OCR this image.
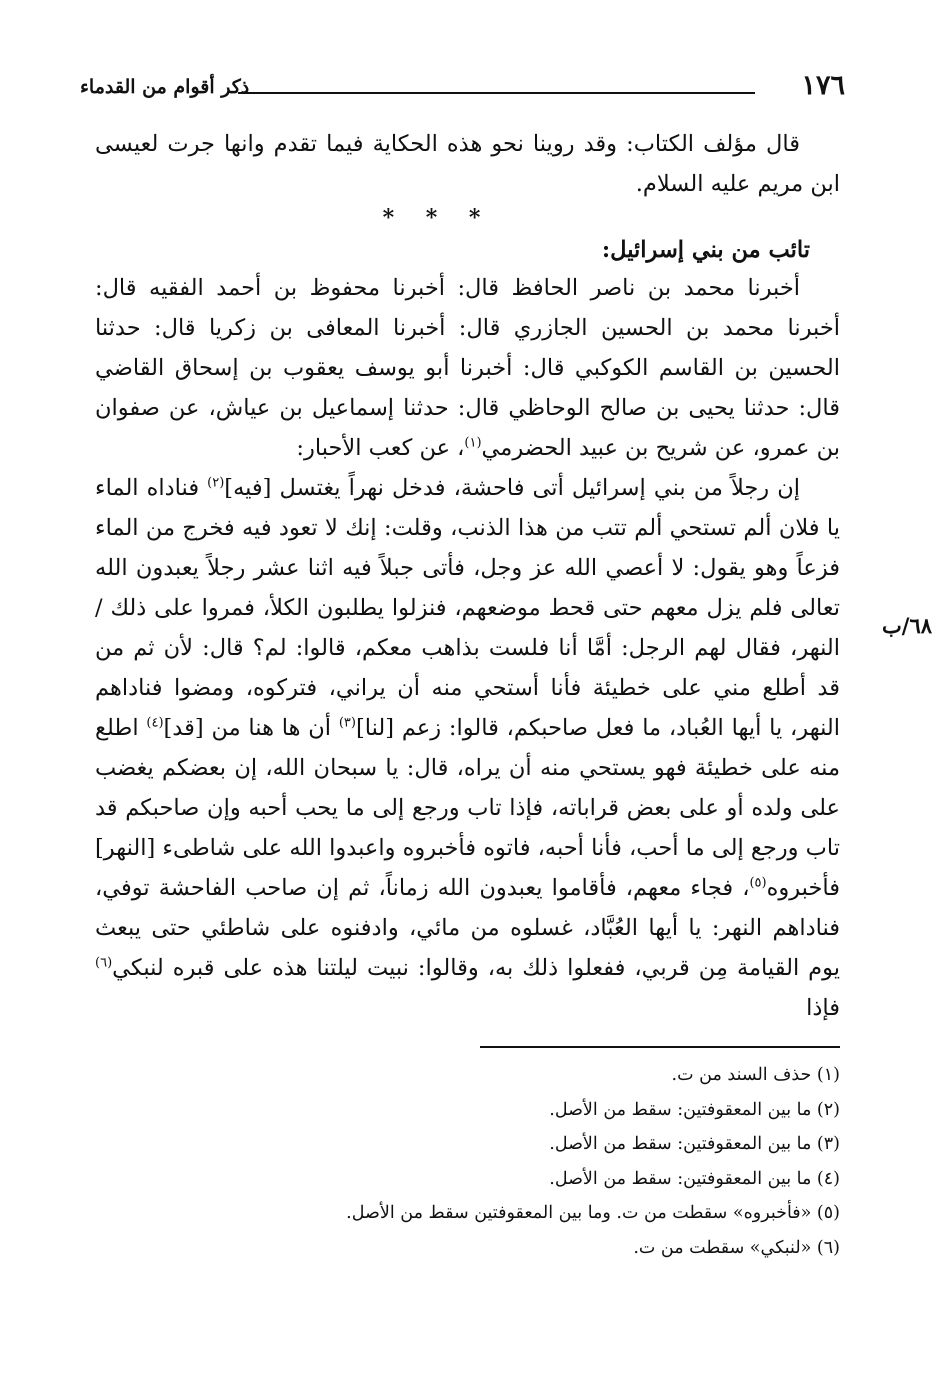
١٧٦
ذكر أقوام من القدماء

قال مؤلف الكتاب: وقد روينا نحو هذه الحكاية فيما تقدم وانها جرت لعيسى ابن مريم عليه السلام.

* * *

تائب من بني إسرائيل:

أخبرنا محمد بن ناصر الحافظ قال: أخبرنا محفوظ بن أحمد الفقيه قال: أخبرنا محمد بن الحسين الجازري قال: أخبرنا المعافى بن زكريا قال: حدثنا الحسين بن القاسم الكوكبي قال: أخبرنا أبو يوسف يعقوب بن إسحاق القاضي قال: حدثنا يحيى بن صالح الوحاظي قال: حدثنا إسماعيل بن عياش، عن صفوان بن عمرو، عن شريح بن عبيد الحضرمي$^{(١)}$، عن كعب الأحبار:

إن رجلاً من بني إسرائيل أتى فاحشة، فدخل نهراً يغتسل [فيه]$^{(٢)}$ فناداه الماء يا فلان ألم تستحي ألم تتب من هذا الذنب، وقلت: إنك لا تعود فيه فخرج من الماء فزعاً وهو يقول: لا أعصي الله عز وجل، فأتى جبلاً فيه اثنا عشر رجلاً يعبدون الله تعالى فلم يزل معهم حتى قحط موضعهم، فنزلوا يطلبون الكلأ، فمروا على ذلك / النهر، فقال لهم الرجل: أمَّا أنا فلست بذاهب معكم، قالوا: لم؟ قال: لأن ثم من قد أطلع مني على خطيئة فأنا أستحي منه أن يراني، فتركوه، ومضوا فناداهم النهر، يا أيها العُباد، ما فعل صاحبكم، قالوا: زعم [لنا]$^{(٣)}$ أن ها هنا من [قد]$^{(٤)}$ اطلع منه على خطيئة فهو يستحي منه أن يراه، قال: يا سبحان الله، إن بعضكم يغضب على ولده أو على بعض قراباته، فإذا تاب ورجع إلى ما يحب أحبه وإن صاحبكم قد تاب ورجع إلى ما أحب، فأنا أحبه، فاتوه فأخبروه واعبدوا الله على شاطىء [النهر] فأخبروه$^{(٥)}$، فجاء معهم، فأقاموا يعبدون الله زماناً، ثم إن صاحب الفاحشة توفي، فناداهم النهر: يا أيها العُبَّاد، غسلوه من مائي، وادفنوه على شاطئي حتى يبعث يوم القيامة مِن قربي، ففعلوا ذلك به، وقالوا: نبيت ليلتنا هذه على قبره لنبكي$^{(٦)}$ فإذا

٦٨/ب

(١) حذف السند من ت.

(٢) ما بين المعقوفتين: سقط من الأصل.

(٣) ما بين المعقوفتين: سقط من الأصل.

(٤) ما بين المعقوفتين: سقط من الأصل.

(٥) «فأخبروه» سقطت من ت. وما بين المعقوفتين سقط من الأصل.

(٦) «لنبكي» سقطت من ت.
